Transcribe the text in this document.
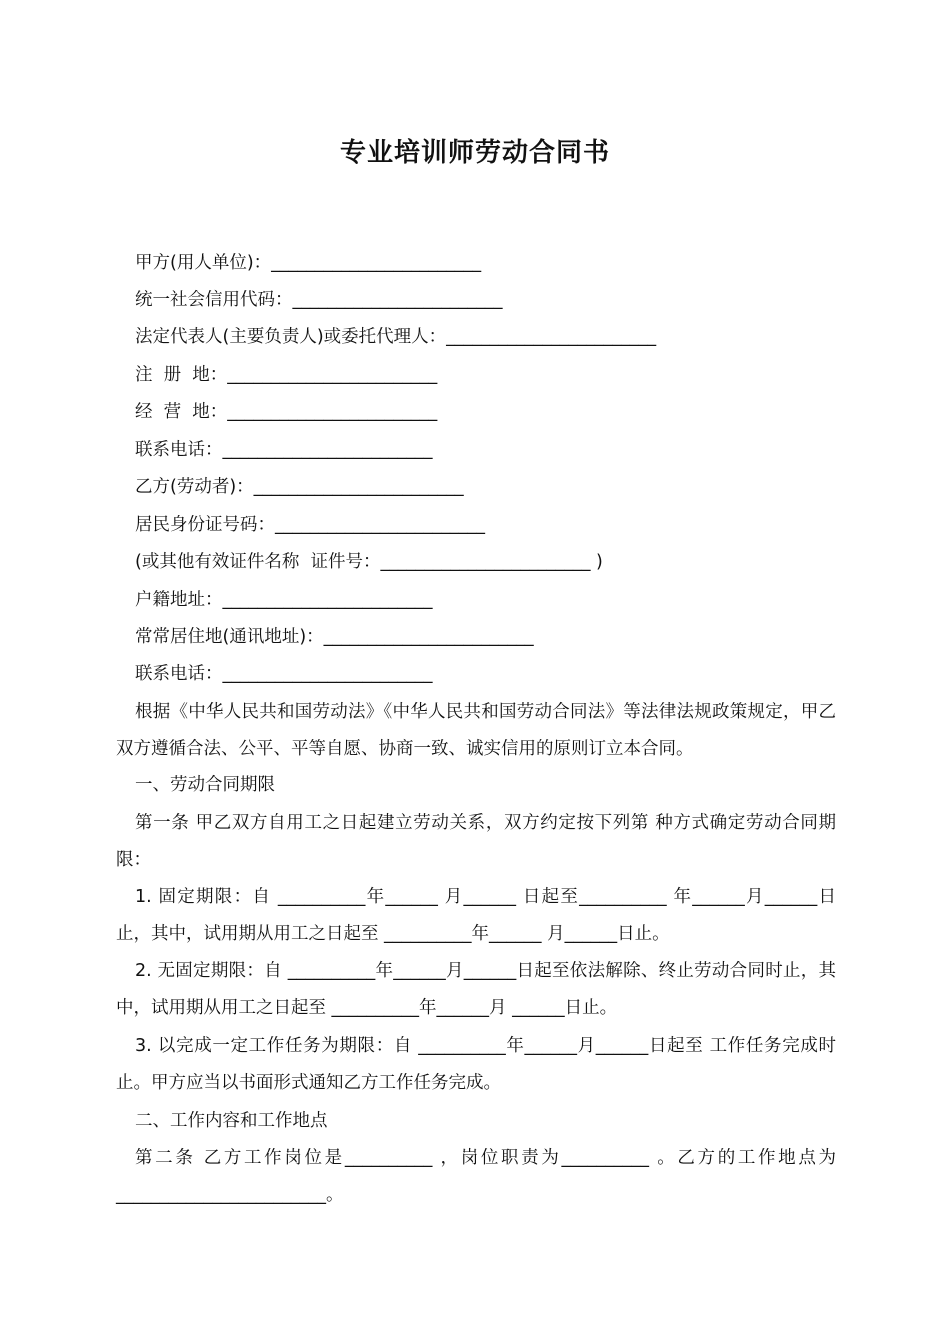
专业培训师劳动合同书
甲方(用人单位)：________________________
统一社会信用代码：________________________
法定代表人(主要负责人)或委托代理人：________________________
注  册  地：________________________
经  营  地：________________________
联系电话：________________________
乙方(劳动者)：________________________
居民身份证号码：________________________
(或其他有效证件名称  证件号：________________________ )
户籍地址：________________________
常常居住地(通讯地址)：________________________
联系电话：________________________

根据《中华人民共和国劳动法》《中华人民共和国劳动合同法》等法律法规政策规定，甲乙双方遵循合法、公平、平等自愿、协商一致、诚实信用的原则订立本合同。

一、劳动合同期限

第一条 甲乙双方自用工之日起建立劳动关系，双方约定按下列第 种方式确定劳动合同期限：

1. 固定期限：自 __________年______ 月______ 日起至__________ 年______月______日止，其中，试用期从用工之日起至 __________年______ 月______日止。

2. 无固定期限：自 __________年______月______日起至依法解除、终止劳动合同时止，其中，试用期从用工之日起至 __________年______月 ______日止。

3. 以完成一定工作任务为期限：自 __________年______月______日起至 工作任务完成时止。甲方应当以书面形式通知乙方工作任务完成。

二、工作内容和工作地点

第二条 乙方工作岗位是__________ ，岗位职责为__________ 。乙方的工作地点为________________________。
